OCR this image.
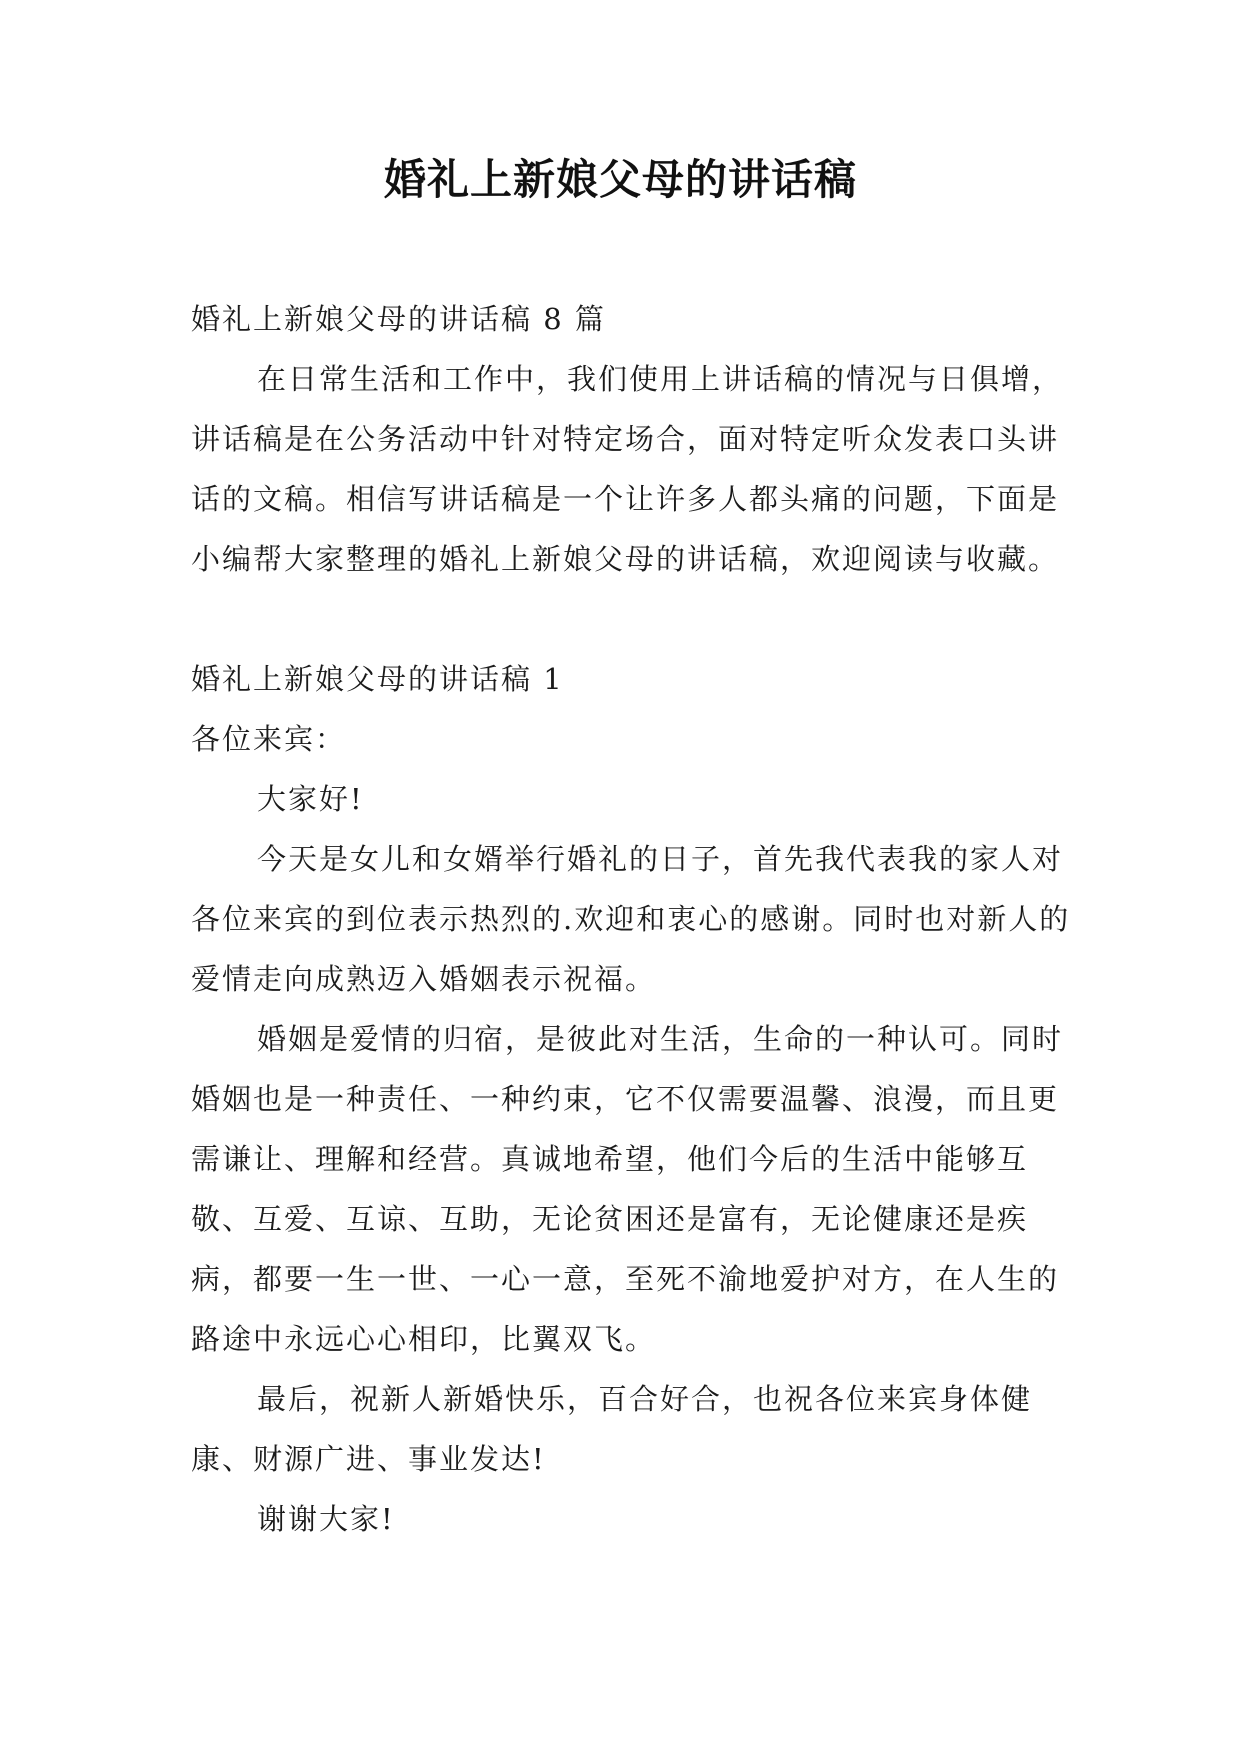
婚礼上新娘父母的讲话稿

婚礼上新娘父母的讲话稿 8 篇

在日常生活和工作中，我们使用上讲话稿的情况与日俱增，讲话稿是在公务活动中针对特定场合，面对特定听众发表口头讲话的文稿。相信写讲话稿是一个让许多人都头痛的问题，下面是小编帮大家整理的婚礼上新娘父母的讲话稿，欢迎阅读与收藏。

婚礼上新娘父母的讲话稿 1

各位来宾：

大家好!

今天是女儿和女婿举行婚礼的日子，首先我代表我的家人对各位来宾的到位表示热烈的.欢迎和衷心的感谢。同时也对新人的爱情走向成熟迈入婚姻表示祝福。

婚姻是爱情的归宿，是彼此对生活，生命的一种认可。同时婚姻也是一种责任、一种约束，它不仅需要温馨、浪漫，而且更需谦让、理解和经营。真诚地希望，他们今后的生活中能够互敬、互爱、互谅、互助，无论贫困还是富有，无论健康还是疾病，都要一生一世、一心一意，至死不渝地爱护对方，在人生的路途中永远心心相印，比翼双飞。

最后，祝新人新婚快乐，百合好合，也祝各位来宾身体健康、财源广进、事业发达!

谢谢大家!
